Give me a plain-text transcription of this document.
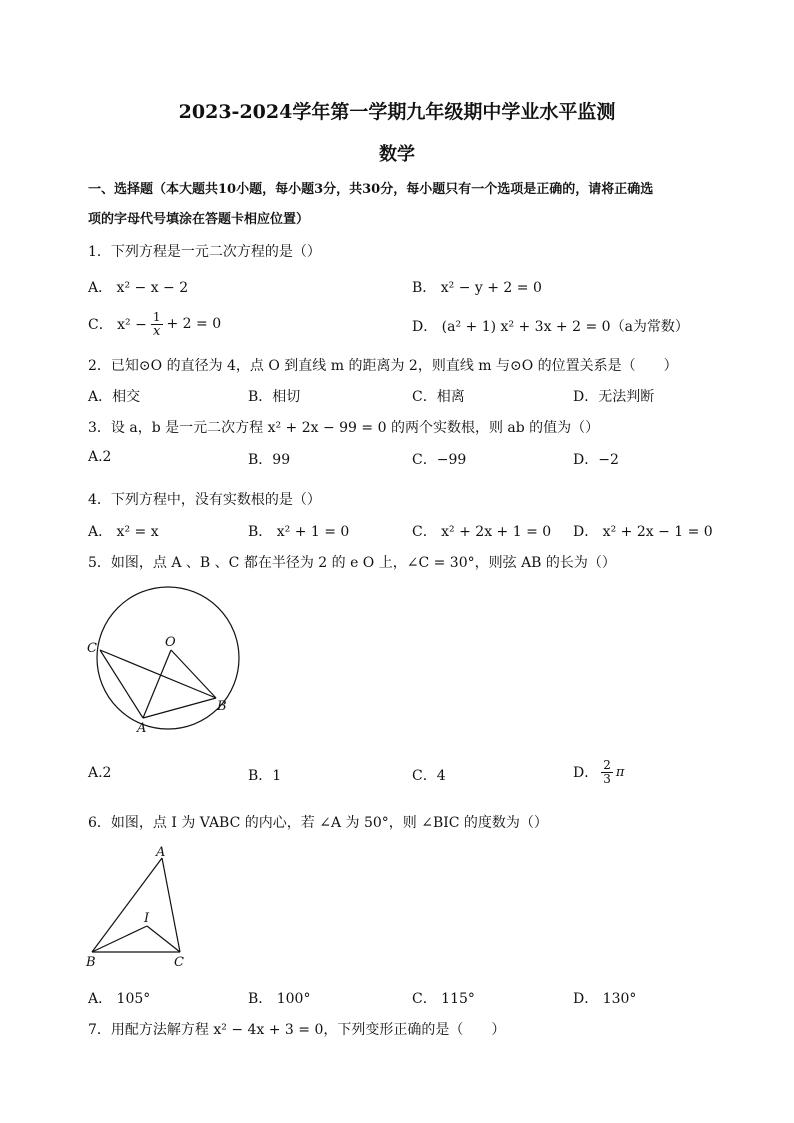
2023-2024学年第一学期九年级期中学业水平监测
数学
一、选择题（本大题共10小题，每小题3分，共30分，每小题只有一个选项是正确的，请将正确选
项的字母代号填涂在答题卡相应位置）
1．下列方程是一元二次方程的是（）
A． x² − x − 2	B． x² − y + 2 = 0
C． $x^2 - \frac{1}{x} + 2 = 0$	D． (a² + 1) x² + 3x + 2 = 0（a为常数）
2．已知⊙O 的直径为 4，点 O 到直线 m 的距离为 2，则直线 m 与⊙O 的位置关系是（　　）
A．相交	B．相切	C．相离	D．无法判断
3．设 a，b 是一元二次方程 x² + 2x − 99 = 0 的两个实数根，则 ab 的值为（）
A.2	B．99	C．−99	D．−2
4．下列方程中，没有实数根的是（）
A． x² = x	B． x² + 1 = 0	C． x² + 2x + 1 = 0 D． x² + 2x − 1 = 0
5．如图，点 A 、B 、C 都在半径为 2 的 e O 上，∠C = 30°，则弦 AB 的长为（）
C	O
A
B
A.2	B．1	C．4	D． $\frac{2}{3}$ π
6．如图，点 I 为 VABC 的内心，若 ∠A 为 50°，则 ∠BIC 的度数为（）
A
I
B	C
A． 105°	B． 100°	C． 115°	D． 130°
7．用配方法解方程 x² − 4x + 3 = 0，下列变形正确的是（　　）
